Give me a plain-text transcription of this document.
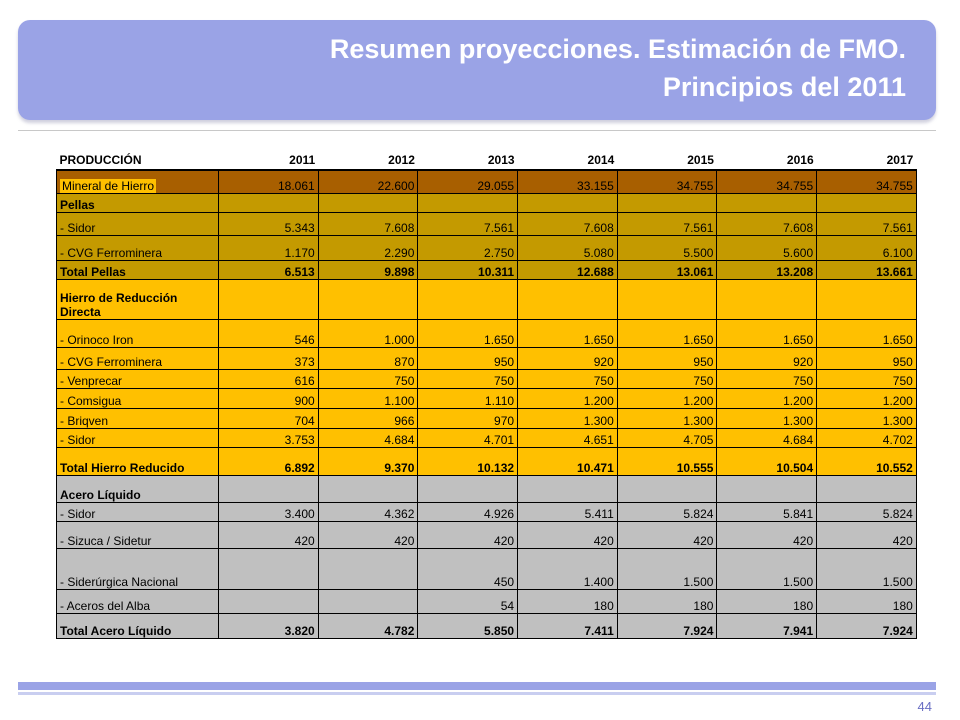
Resumen proyecciones. Estimación de FMO.
Principios del 2011
PRODUCCIÓN	2011	2012	2013	2014	2015	2016	2017
Mineral de Hierro	18.061	22.600	29.055	33.155	34.755	34.755	34.755
Pellas							
- Sidor	5.343	7.608	7.561	7.608	7.561	7.608	7.561
- CVG Ferrominera	1.170	2.290	2.750	5.080	5.500	5.600	6.100
Total Pellas	6.513	9.898	10.311	12.688	13.061	13.208	13.661
Hierro de Reducción Directa							
- Orinoco Iron	546	1.000	1.650	1.650	1.650	1.650	1.650
- CVG Ferrominera	373	870	950	920	950	920	950
- Venprecar	616	750	750	750	750	750	750
- Comsigua	900	1.100	1.110	1.200	1.200	1.200	1.200
- Briqven	704	966	970	1.300	1.300	1.300	1.300
- Sidor	3.753	4.684	4.701	4.651	4.705	4.684	4.702
Total Hierro Reducido	6.892	9.370	10.132	10.471	10.555	10.504	10.552
Acero Líquido							
- Sidor	3.400	4.362	4.926	5.411	5.824	5.841	5.824
- Sizuca / Sidetur	420	420	420	420	420	420	420
- Siderúrgica Nacional			450	1.400	1.500	1.500	1.500
- Aceros del Alba			54	180	180	180	180
Total Acero Líquido	3.820	4.782	5.850	7.411	7.924	7.941	7.924
44
